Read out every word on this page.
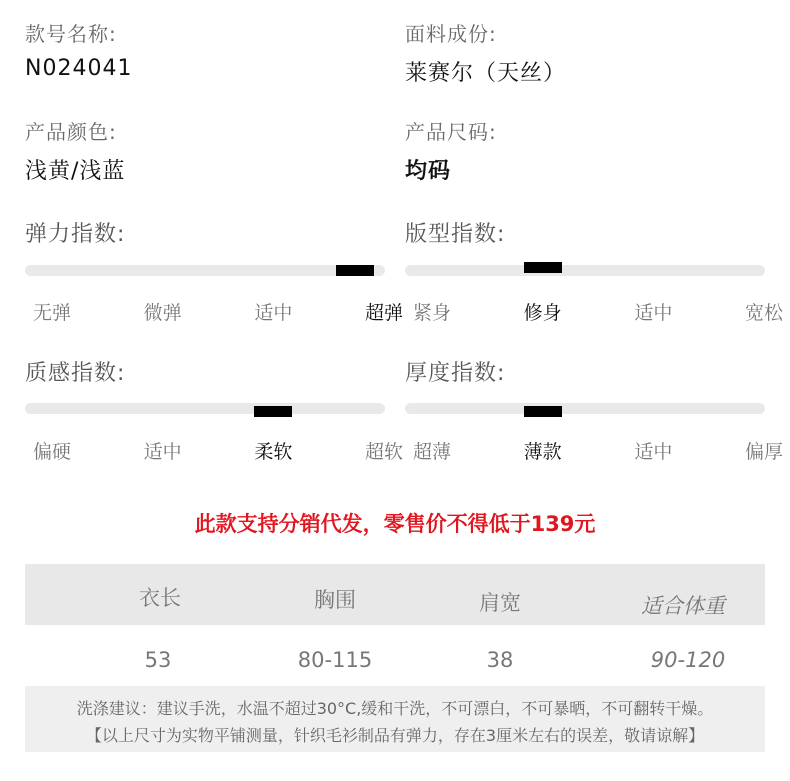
款号名称:
N024041
面料成份:
莱赛尔（天丝）
产品颜色:
浅黄/浅蓝
产品尺码:
均码
弹力指数:
无弹	微弹	适中	超弹
版型指数:
紧身	修身	适中	宽松
质感指数:
偏硬	适中	柔软	超软
厚度指数:
超薄	薄款	适中	偏厚
此款支持分销代发，零售价不得低于139元
衣长	胸围	肩宽	适合体重
53	80-115	38	90-120
洗涤建议：建议手洗，水温不超过30°C,缓和干洗，不可漂白，不可暴晒，不可翻转干燥。
【以上尺寸为实物平铺测量，针织毛衫制品有弹力，存在3厘米左右的误差，敬请谅解】
